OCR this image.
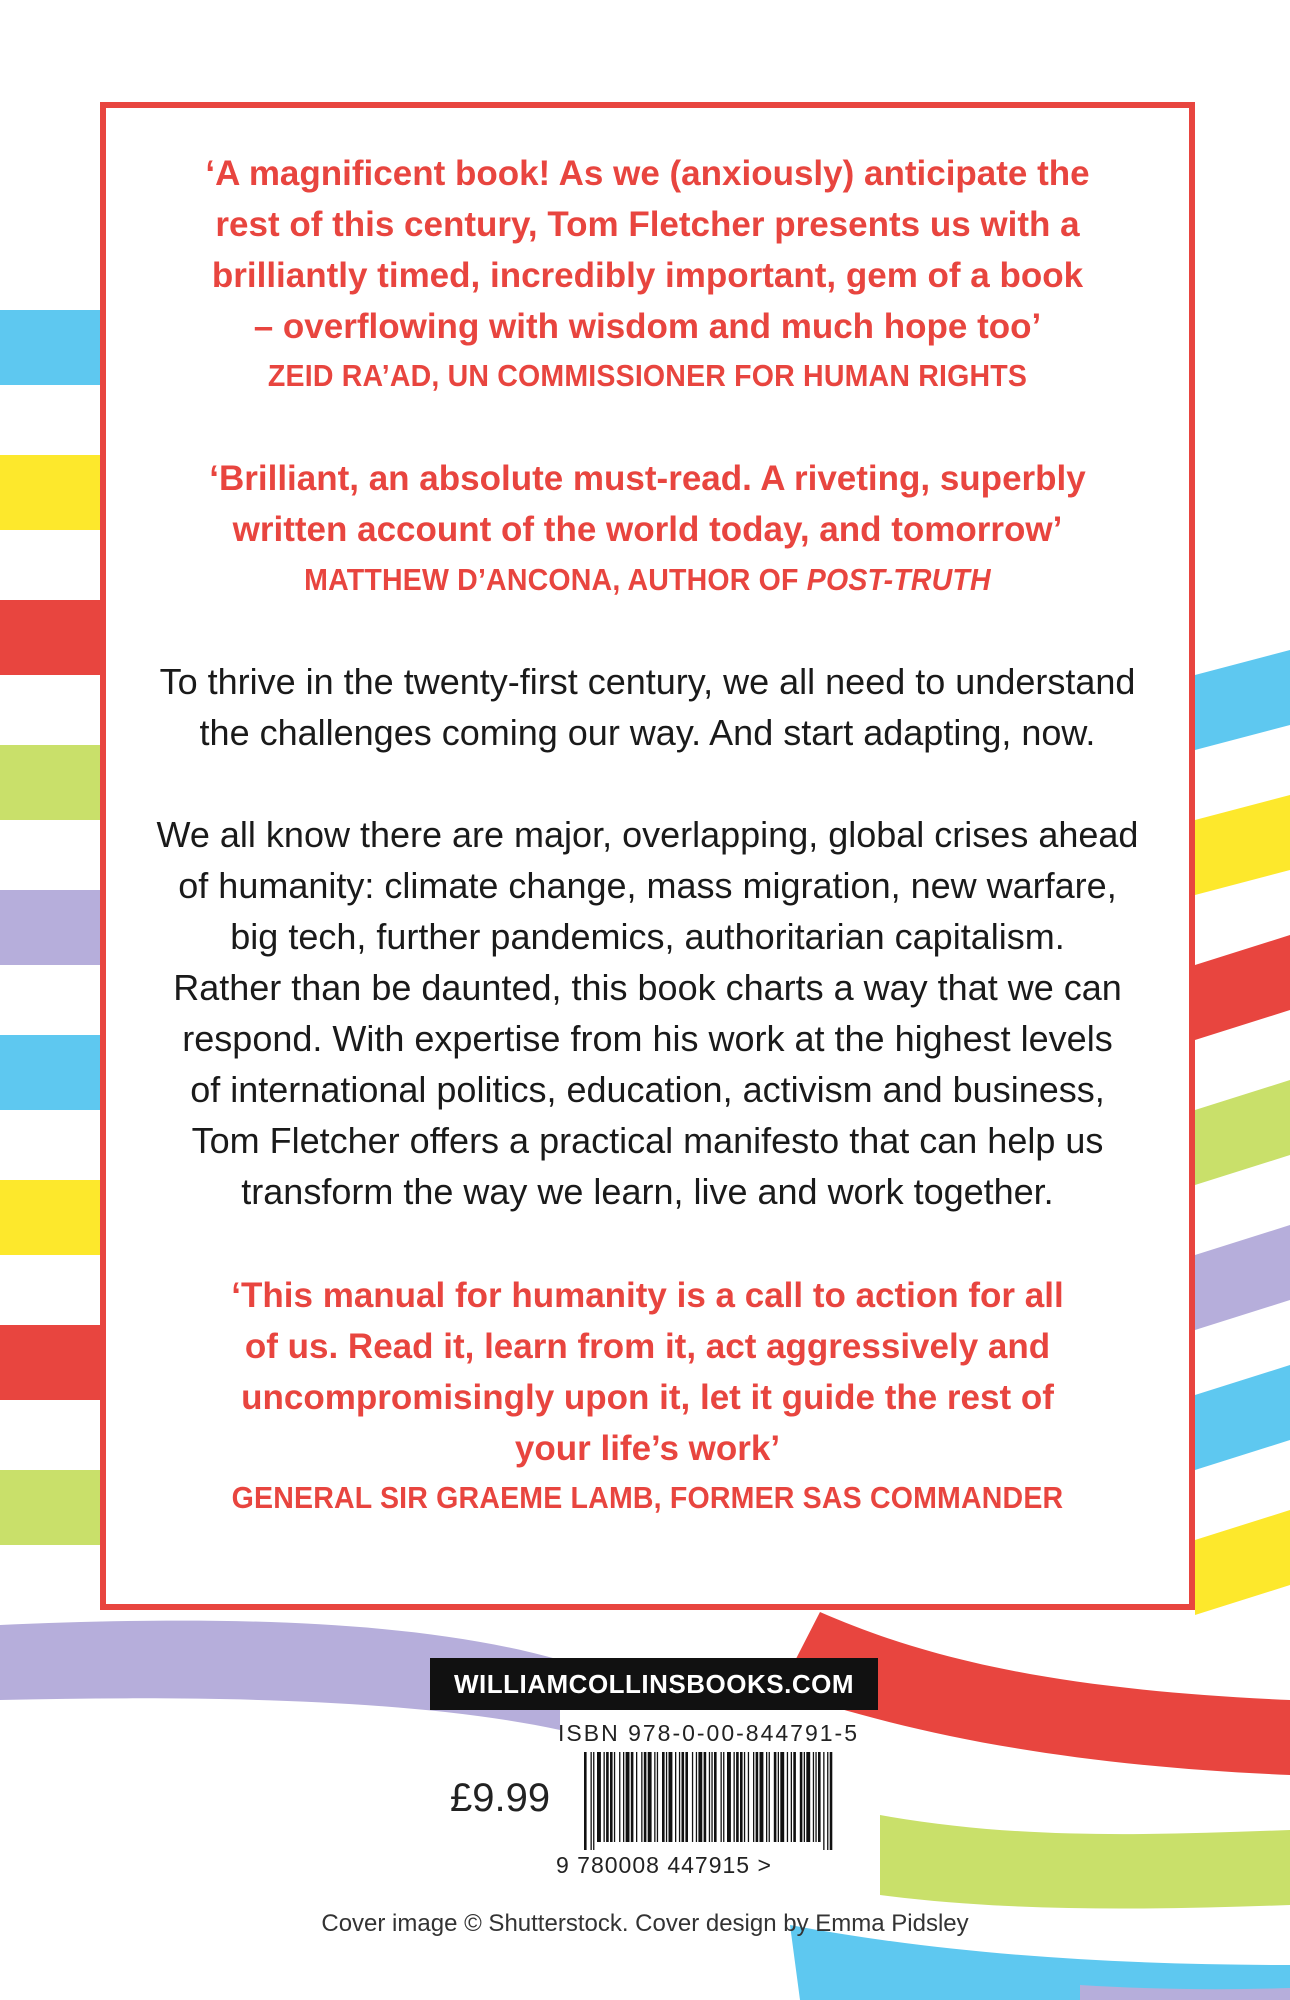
‘A magnificent book! As we (anxiously) anticipate the
rest of this century, Tom Fletcher presents us with a
brilliantly timed, incredibly important, gem of a book
– overflowing with wisdom and much hope too’

ZEID RA’AD, UN COMMISSIONER FOR HUMAN RIGHTS

‘Brilliant, an absolute must-read. A riveting, superbly
written account of the world today, and tomorrow’

MATTHEW D’ANCONA, AUTHOR OF POST-TRUTH

To thrive in the twenty-first century, we all need to understand
the challenges coming our way. And start adapting, now.

We all know there are major, overlapping, global crises ahead
of humanity: climate change, mass migration, new warfare,
big tech, further pandemics, authoritarian capitalism.
Rather than be daunted, this book charts a way that we can
respond. With expertise from his work at the highest levels
of international politics, education, activism and business,
Tom Fletcher offers a practical manifesto that can help us
transform the way we learn, live and work together.

‘This manual for humanity is a call to action for all
of us. Read it, learn from it, act aggressively and
uncompromisingly upon it, let it guide the rest of
your life’s work’

GENERAL SIR GRAEME LAMB, FORMER SAS COMMANDER
WILLIAMCOLLINSBOOKS.COM
ISBN 978-0-00-844791-5
£9.99
9 780008 447915 >
Cover image © Shutterstock. Cover design by Emma Pidsley
